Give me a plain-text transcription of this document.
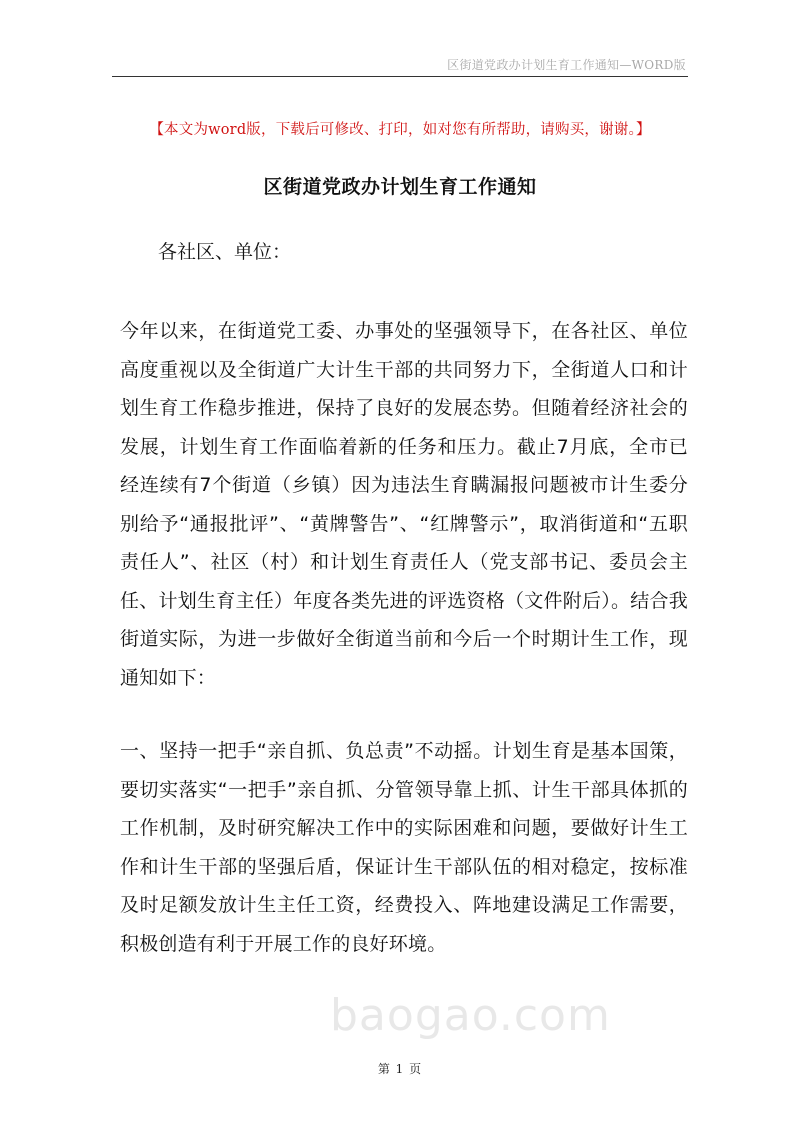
区街道党政办计划生育工作通知—WORD版
【本文为word版，下载后可修改、打印，如对您有所帮助，请购买，谢谢。】
区街道党政办计划生育工作通知
各社区、单位：
今年以来，在街道党工委、办事处的坚强领导下，在各社区、单位高度重视以及全街道广大计生干部的共同努力下，全街道人口和计划生育工作稳步推进，保持了良好的发展态势。但随着经济社会的发展，计划生育工作面临着新的任务和压力。截止7月底，全市已经连续有7个街道（乡镇）因为违法生育瞒漏报问题被市计生委分别给予“通报批评”、“黄牌警告”、“红牌警示”，取消街道和“五职责任人”、社区（村）和计划生育责任人（党支部书记、委员会主任、计划生育主任）年度各类先进的评选资格（文件附后）。结合我街道实际，为进一步做好全街道当前和今后一个时期计生工作，现通知如下：
一、坚持一把手“亲自抓、负总责”不动摇。计划生育是基本国策，要切实落实“一把手”亲自抓、分管领导靠上抓、计生干部具体抓的工作机制，及时研究解决工作中的实际困难和问题，要做好计生工作和计生干部的坚强后盾，保证计生干部队伍的相对稳定，按标准及时足额发放计生主任工资，经费投入、阵地建设满足工作需要，积极创造有利于开展工作的良好环境。
baogao.com
第 1 页
